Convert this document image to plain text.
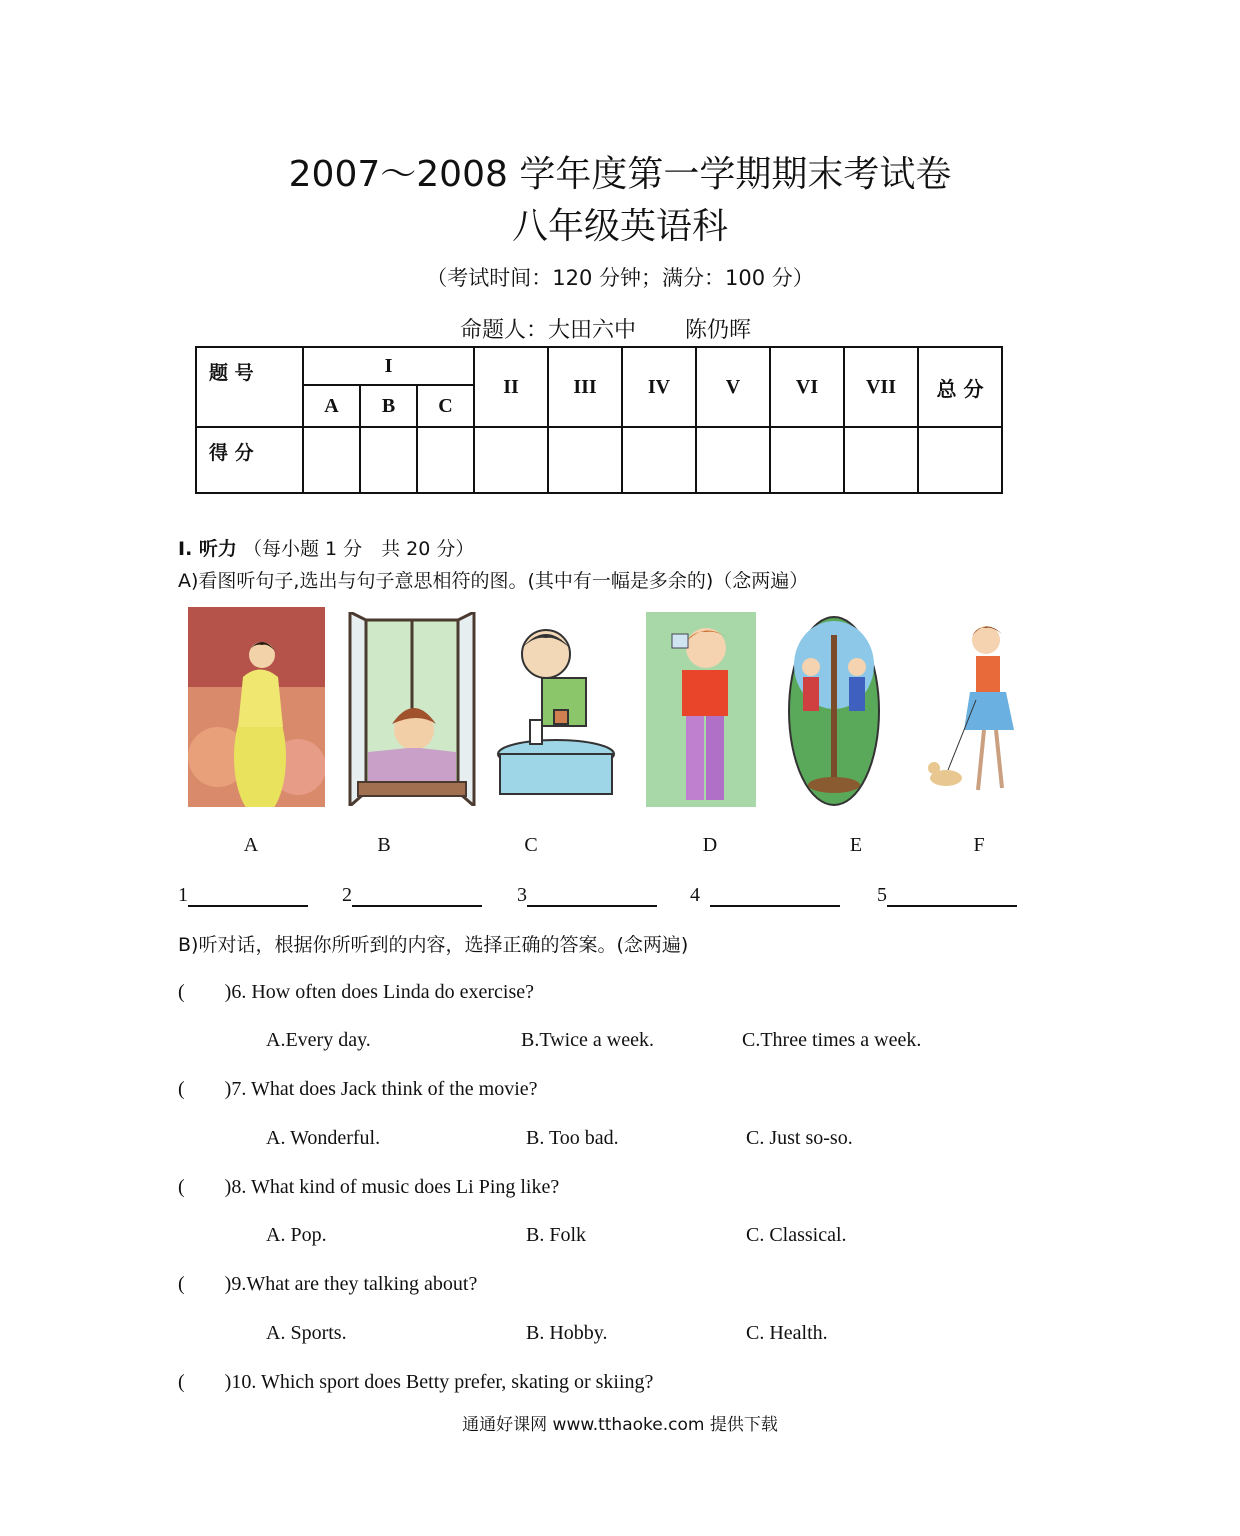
2007～2008 学年度第一学期期末考试卷
八年级英语科
（考试时间：120 分钟；满分：100 分）
命题人：大田六中 陈仍晖
题 号	I			II	III	IV	V	VI	VII	总 分
	A	B	C							
得 分										
I. 听力 （每小题 1 分　共 20 分）
A)看图听句子,选出与句子意思相符的图。(其中有一幅是多余的)（念两遍）
A	B	C	D	E	F
1	2	3	4	5
B)听对话，根据你所听到的内容，选择正确的答案。(念两遍)
(        )6. How often does Linda do exercise?
A.Every day.	B.Twice a week.	C.Three times a week.
(        )7. What does Jack think of the movie?
A. Wonderful.	B. Too bad.	C. Just so-so.
(        )8. What kind of music does Li Ping like?
A. Pop.	B. Folk	C. Classical.
(        )9.What are they talking about?
A. Sports.	B. Hobby.	C. Health.
(        )10. Which sport does Betty prefer, skating or skiing?
通通好课网 www.tthaoke.com 提供下载
